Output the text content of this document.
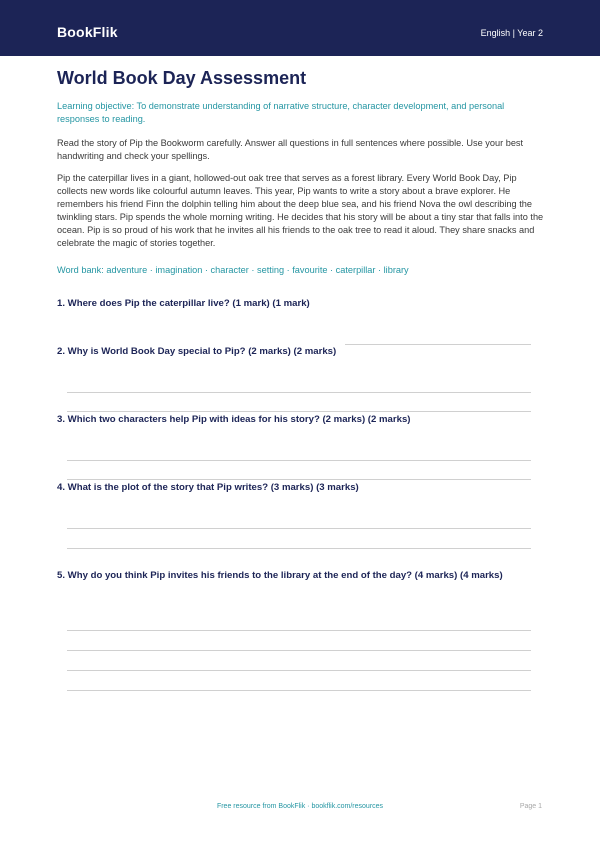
BookFlik	English | Year 2
World Book Day Assessment
Learning objective: To demonstrate understanding of narrative structure, character development, and personal responses to reading.
Read the story of Pip the Bookworm carefully. Answer all questions in full sentences where possible. Use your best handwriting and check your spellings.
Pip the caterpillar lives in a giant, hollowed-out oak tree that serves as a forest library. Every World Book Day, Pip collects new words like colourful autumn leaves. This year, Pip wants to write a story about a brave explorer. He remembers his friend Finn the dolphin telling him about the deep blue sea, and his friend Nova the owl describing the twinkling stars. Pip spends the whole morning writing. He decides that his story will be about a tiny star that falls into the ocean. Pip is so proud of his work that he invites all his friends to the oak tree to read it aloud. They share snacks and celebrate the magic of stories together.
Word bank: adventure · imagination · character · setting · favourite · caterpillar · library
1. Where does Pip the caterpillar live? (1 mark) (1 mark)
2. Why is World Book Day special to Pip? (2 marks) (2 marks)
3. Which two characters help Pip with ideas for his story? (2 marks) (2 marks)
4. What is the plot of the story that Pip writes? (3 marks) (3 marks)
5. Why do you think Pip invites his friends to the library at the end of the day? (4 marks) (4 marks)
Free resource from BookFlik · bookflik.com/resources	Page 1
